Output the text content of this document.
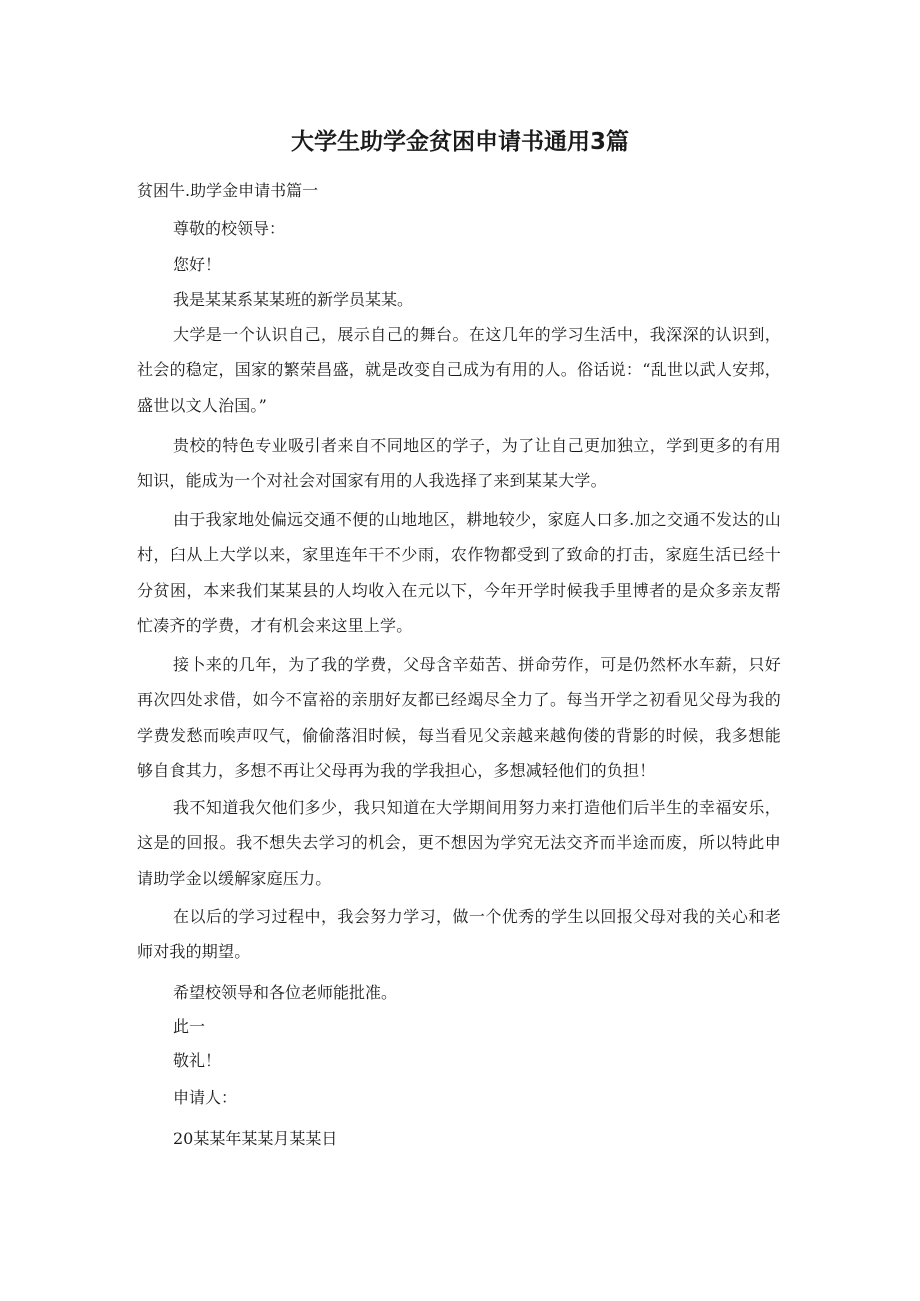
大学生助学金贫困申请书通用3篇
贫困牛.助学金申请书篇一
尊敬的校领导：
您好！
我是某某系某某班的新学员某某。
大学是一个认识自己，展示自己的舞台。在这几年的学习生活中，我深深的认识到，社会的稳定，国家的繁荣昌盛，就是改变自己成为有用的人。俗话说：“乱世以武人安邦，盛世以文人治国。”
贵校的特色专业吸引者来自不同地区的学子，为了让自己更加独立，学到更多的有用知识，能成为一个对社会对国家有用的人我选择了来到某某大学。
由于我家地处偏远交通不便的山地地区，耕地较少，家庭人口多.加之交通不发达的山村，臼从上大学以来，家里连年干不少雨，农作物都受到了致命的打击，家庭生活已经十分贫困，本来我们某某县的人均收入在元以下，今年开学时候我手里博者的是众多亲友帮忙凑齐的学费，才有机会来这里上学。
接卜来的几年，为了我的学费，父母含辛茹苦、拼命劳作，可是仍然杯水车薪，只好再次四处求借，如今不富裕的亲朋好友都已经竭尽全力了。每当开学之初看见父母为我的学费发愁而唉声叹气，偷偷落泪时候，每当看见父亲越来越佝偻的背影的时候，我多想能够自食其力，多想不再让父母再为我的学我担心，多想减轻他们的负担！
我不知道我欠他们多少，我只知道在大学期间用努力来打造他们后半生的幸福安乐，这是的回报。我不想失去学习的机会，更不想因为学究无法交齐而半途而废，所以特此申请助学金以缓解家庭压力。
在以后的学习过程中，我会努力学习，做一个优秀的学生以回报父母对我的关心和老师对我的期望。
希望校领导和各位老师能批准。
此一
敬礼！
申请人：
20某某年某某月某某日
